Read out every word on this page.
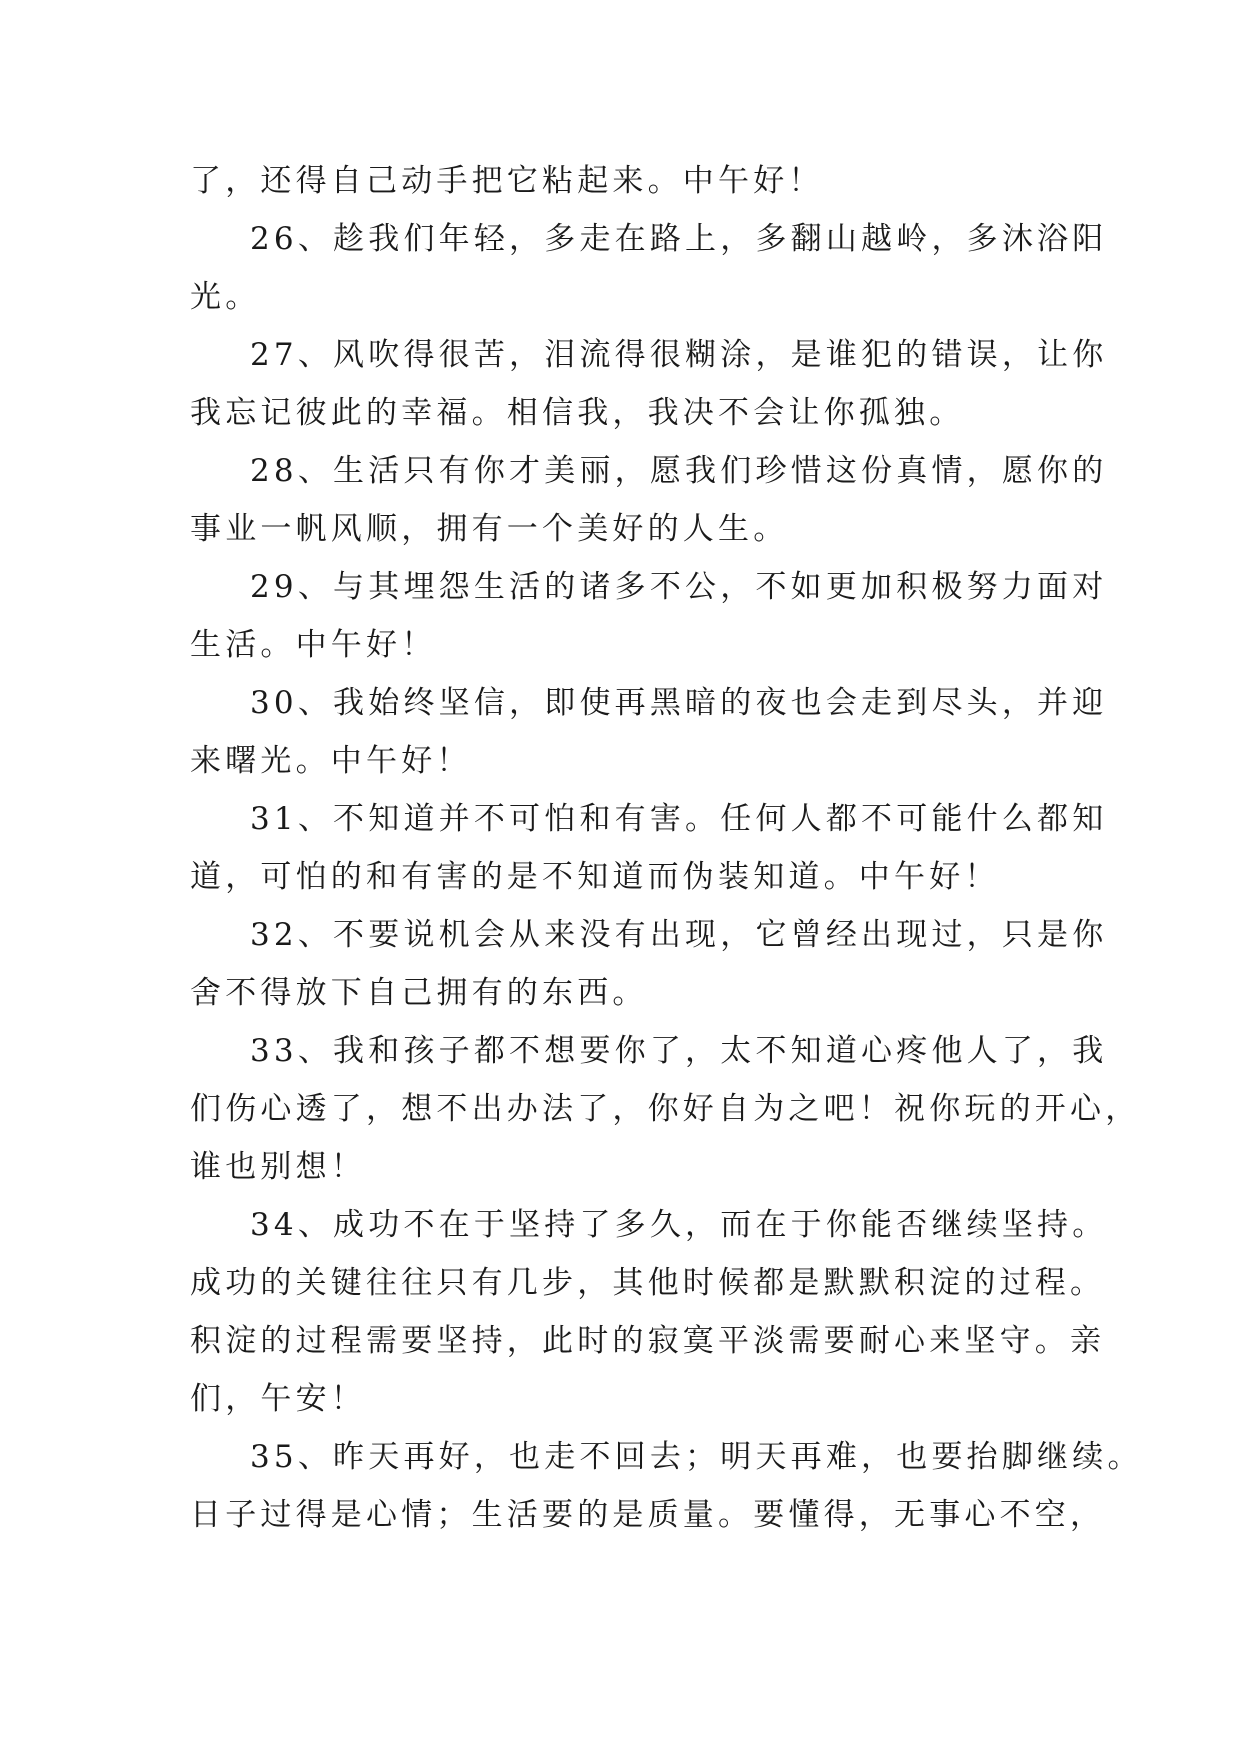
了，还得自己动手把它粘起来。中午好！
26、趁我们年轻，多走在路上，多翻山越岭，多沐浴阳
光。
27、风吹得很苦，泪流得很糊涂，是谁犯的错误，让你
我忘记彼此的幸福。相信我，我决不会让你孤独。
28、生活只有你才美丽，愿我们珍惜这份真情，愿你的
事业一帆风顺，拥有一个美好的人生。
29、与其埋怨生活的诸多不公，不如更加积极努力面对
生活。中午好！
30、我始终坚信，即使再黑暗的夜也会走到尽头，并迎
来曙光。中午好！
31、不知道并不可怕和有害。任何人都不可能什么都知
道，可怕的和有害的是不知道而伪装知道。中午好！
32、不要说机会从来没有出现，它曾经出现过，只是你
舍不得放下自己拥有的东西。
33、我和孩子都不想要你了，太不知道心疼他人了，我
们伤心透了，想不出办法了，你好自为之吧！祝你玩的开心，
谁也别想！
34、成功不在于坚持了多久，而在于你能否继续坚持。
成功的关键往往只有几步，其他时候都是默默积淀的过程。
积淀的过程需要坚持，此时的寂寞平淡需要耐心来坚守。亲
们，午安！
35、昨天再好，也走不回去；明天再难，也要抬脚继续。
日子过得是心情；生活要的是质量。要懂得，无事心不空，
